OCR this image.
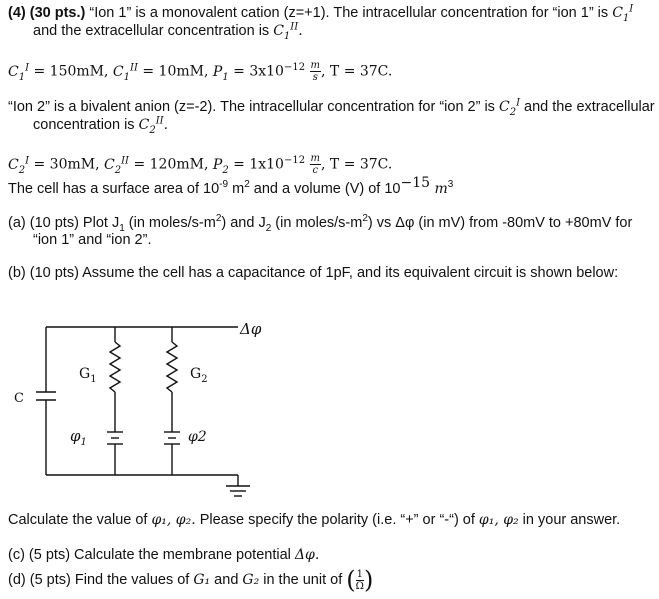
(4) (30 pts.) “Ion 1” is a monovalent cation (z=+1). The intracellular concentration for “ion 1” is $C_1^I$
and the extracellular concentration is $C_1^{II}$.
$C_1^I = 150mM$, $C_1^{II} = 10mM$, $P_1 = 3x10^{-12} \frac{m}{s}$ , T = 37C.
“Ion 2” is a bivalent anion (z=-2). The intracellular concentration for “ion 2” is $C_2^I$ and the extracellular
concentration is $C_2^{II}$.
$C_2^I = 30mM$, $C_2^{II} = 120mM$, $P_2 = 1x10^{-12} \frac{m}{c}$ , T = 37C.
The cell has a surface area of $10^{-9}$ $m^2$ and a volume (V) of $10^{-15}$ $m^3$
(a) (10 pts) Plot $J_1$ (in moles/$s-m^2$) and $J_2$ (in moles/$s-m^2$) vs Δφ (in mV) from -80mV to +80mV for
“ion 1” and “ion 2”.
(b) (10 pts) Assume the cell has a capacitance of 1pF, and its equivalent circuit is shown below:
Δφ
$G_1$	$G_2$
C
$\varphi_1$	φ2
Calculate the value of φ₁, φ₂. Please specify the polarity (i.e. “+” or “-“) of φ₁, φ₂ in your answer.
(c) (5 pts) Calculate the membrane potential Δφ.
(d) (5 pts) Find the values of G₁ and G₂ in the unit of ( $\frac{1}{\Omega}$ )
